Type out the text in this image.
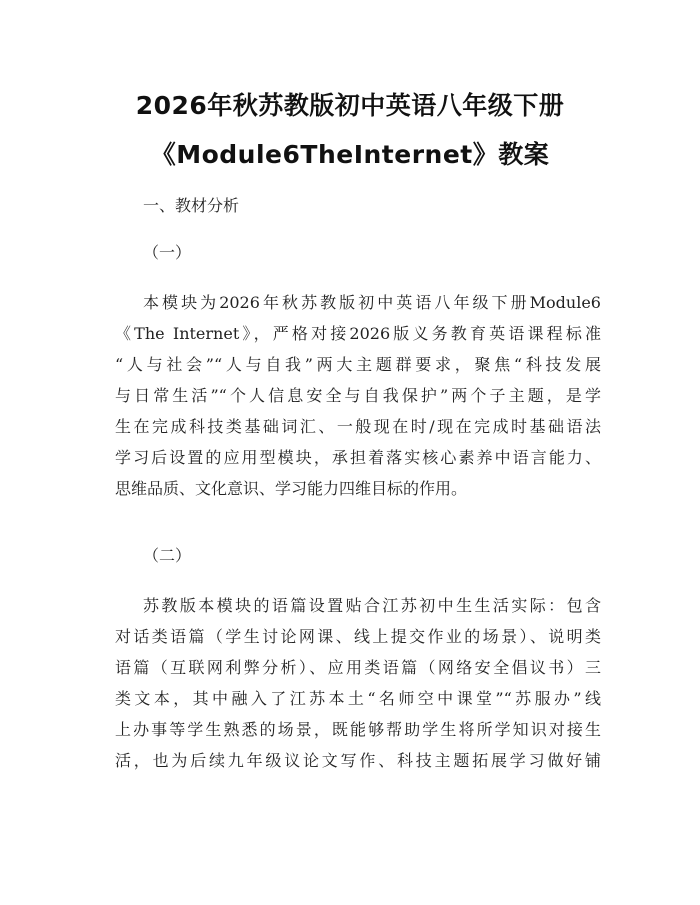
2026年秋苏教版初中英语八年级下册
《Module6TheInternet》教案
一、教材分析
（一）
本模块为2026年秋苏教版初中英语八年级下册Module6
《The Internet》，严格对接2026版义务教育英语课程标准
“人与社会”“人与自我”两大主题群要求，聚焦“科技发展
与日常生活”“个人信息安全与自我保护”两个子主题，是学
生在完成科技类基础词汇、一般现在时/现在完成时基础语法
学习后设置的应用型模块，承担着落实核心素养中语言能力、
思维品质、文化意识、学习能力四维目标的作用。
（二）
苏教版本模块的语篇设置贴合江苏初中生生活实际：包含
对话类语篇（学生讨论网课、线上提交作业的场景）、说明类
语篇（互联网利弊分析）、应用类语篇（网络安全倡议书）三
类文本，其中融入了江苏本土“名师空中课堂”“苏服办”线
上办事等学生熟悉的场景，既能够帮助学生将所学知识对接生
活，也为后续九年级议论文写作、科技主题拓展学习做好铺
